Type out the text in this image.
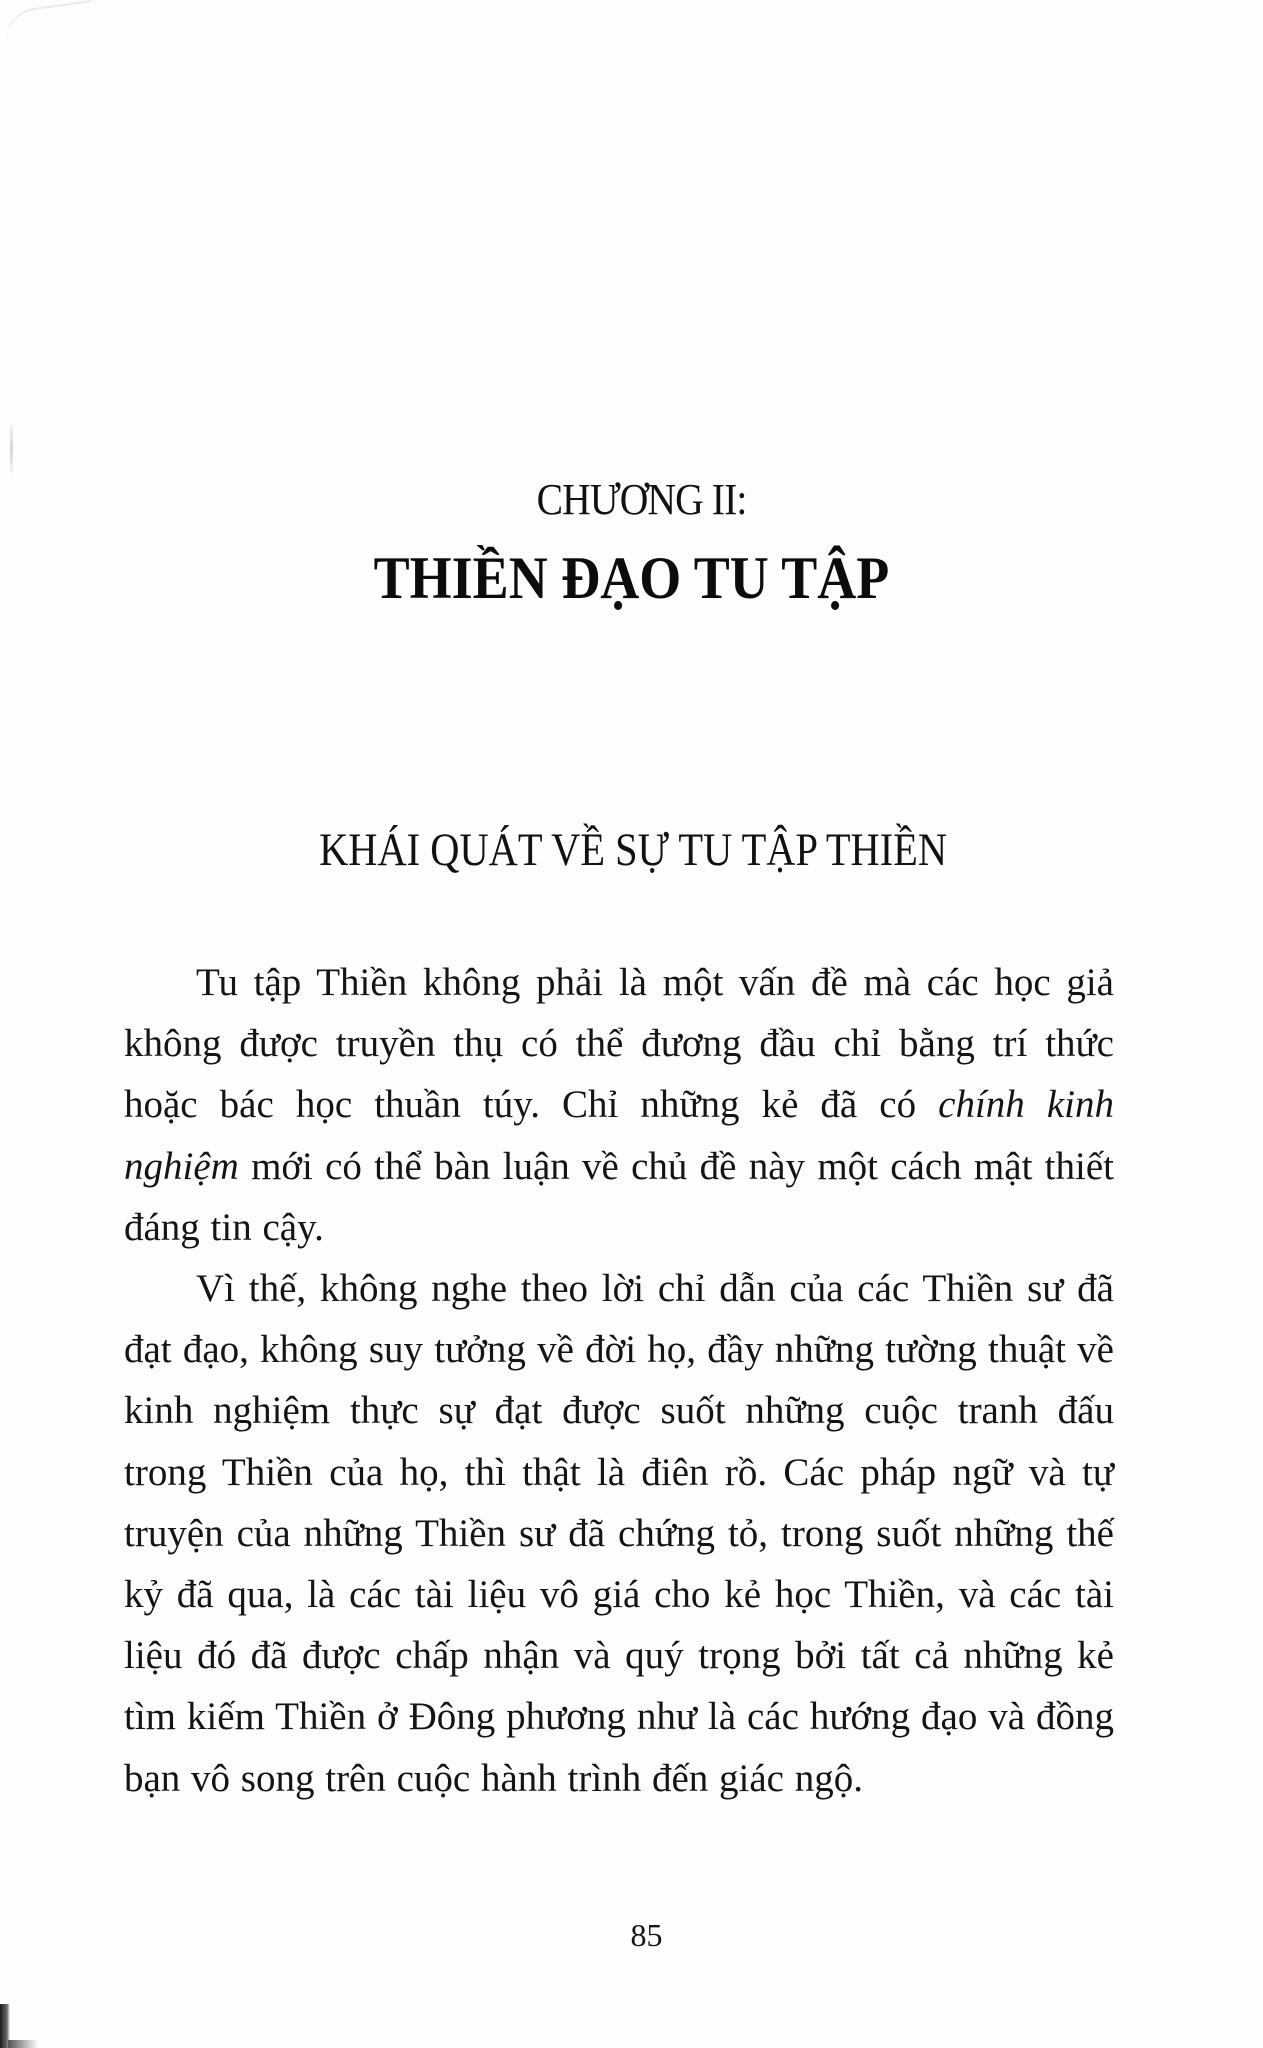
CHƯƠNG II:
THIỀN ĐẠO TU TẬP
KHÁI QUÁT VỀ SỰ TU TẬP THIỀN

Tu tập Thiền không phải là một vấn đề mà các học giả không được truyền thụ có thể đương đầu chỉ bằng trí thức hoặc bác học thuần túy. Chỉ những kẻ đã có chính kinh nghiệm mới có thể bàn luận về chủ đề này một cách mật thiết đáng tin cậy.

Vì thế, không nghe theo lời chỉ dẫn của các Thiền sư đã đạt đạo, không suy tưởng về đời họ, đầy những tường thuật về kinh nghiệm thực sự đạt được suốt những cuộc tranh đấu trong Thiền của họ, thì thật là điên rồ. Các pháp ngữ và tự truyện của những Thiền sư đã chứng tỏ, trong suốt những thế kỷ đã qua, là các tài liệu vô giá cho kẻ học Thiền, và các tài liệu đó đã được chấp nhận và quý trọng bởi tất cả những kẻ tìm kiếm Thiền ở Đông phương như là các hướng đạo và đồng bạn vô song trên cuộc hành trình đến giác ngộ.

85
